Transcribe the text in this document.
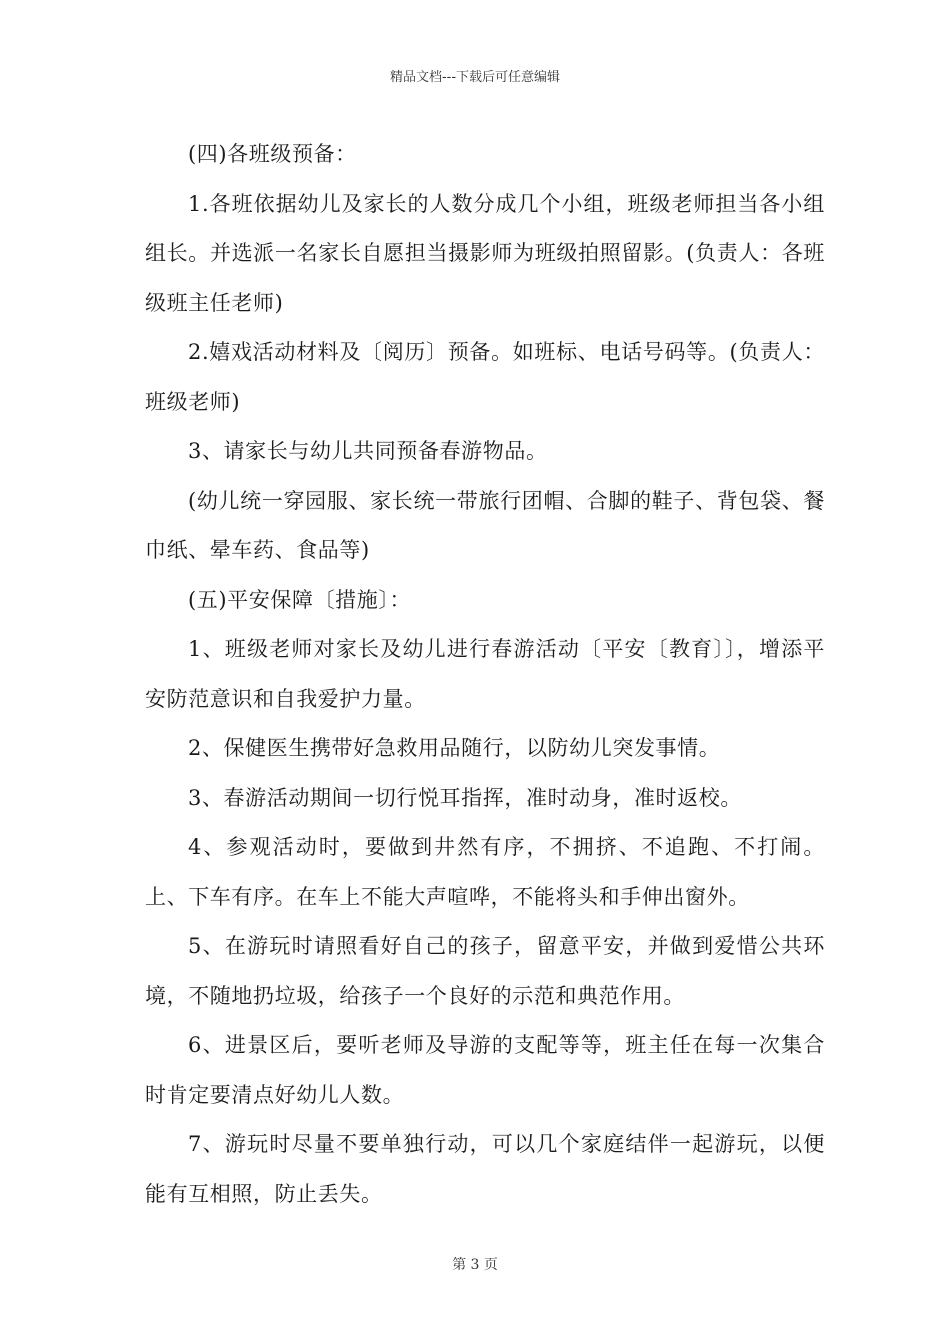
精品文档---下载后可任意编辑

(四)各班级预备：

1.各班依据幼儿及家长的人数分成几个小组，班级老师担当各小组组长。并选派一名家长自愿担当摄影师为班级拍照留影。(负责人：各班级班主任老师)

2.嬉戏活动材料及〔阅历〕预备。如班标、电话号码等。(负责人：班级老师)

3、请家长与幼儿共同预备春游物品。

(幼儿统一穿园服、家长统一带旅行团帽、合脚的鞋子、背包袋、餐巾纸、晕车药、食品等)

(五)平安保障〔措施〕：

1、班级老师对家长及幼儿进行春游活动〔平安〔教育〕〕，增添平安防范意识和自我爱护力量。

2、保健医生携带好急救用品随行，以防幼儿突发事情。

3、春游活动期间一切行悦耳指挥，准时动身，准时返校。

4、参观活动时，要做到井然有序，不拥挤、不追跑、不打闹。上、下车有序。在车上不能大声喧哗，不能将头和手伸出窗外。

5、在游玩时请照看好自己的孩子，留意平安，并做到爱惜公共环境，不随地扔垃圾，给孩子一个良好的示范和典范作用。

6、进景区后，要听老师及导游的支配等等，班主任在每一次集合时肯定要清点好幼儿人数。

7、游玩时尽量不要单独行动，可以几个家庭结伴一起游玩，以便能有互相照，防止丢失。

第 3 页
